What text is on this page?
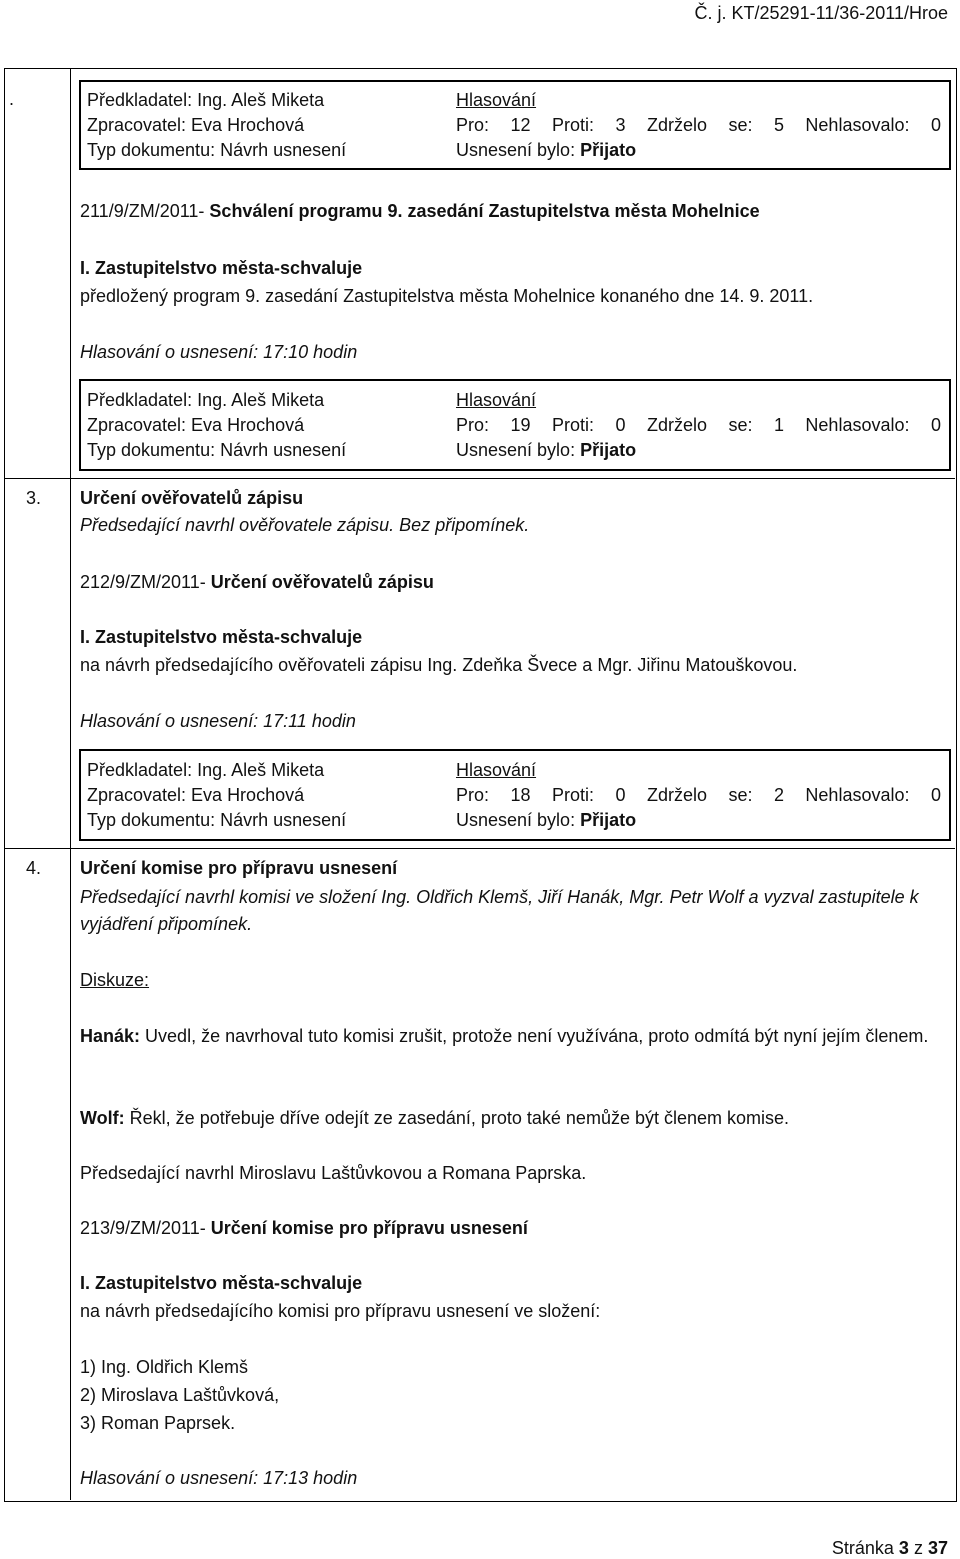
Č. j. KT/25291-11/36-2011/Hroe
.	Předkladatel: Ing. Aleš Miketa
Zpracovatel: Eva Hrochová
Typ dokumentu: Návrh usnesení
Hlasování
Pro: 12 Proti: 3 Zdrželo se: 5 Nehlasovalo: 0
Usnesení bylo: Přijato
211/9/ZM/2011- Schválení programu 9. zasedání Zastupitelstva města Mohelnice
I. Zastupitelstvo města-schvaluje
předložený program 9. zasedání Zastupitelstva města Mohelnice konaného dne 14. 9. 2011.
Hlasování o usnesení: 17:10 hodin
Předkladatel: Ing. Aleš Miketa
Zpracovatel: Eva Hrochová
Typ dokumentu: Návrh usnesení
Hlasování
Pro: 19 Proti: 0 Zdrželo se: 1 Nehlasovalo: 0
Usnesení bylo: Přijato
3. Určení ověřovatelů zápisu
Předsedající navrhl ověřovatele zápisu. Bez připomínek.
212/9/ZM/2011- Určení ověřovatelů zápisu
I. Zastupitelstvo města-schvaluje
na návrh předsedajícího ověřovateli zápisu Ing. Zdeňka Švece a Mgr. Jiřinu Matouškovou.
Hlasování o usnesení: 17:11 hodin
Předkladatel: Ing. Aleš Miketa
Zpracovatel: Eva Hrochová
Typ dokumentu: Návrh usnesení
Hlasování
Pro: 18 Proti: 0 Zdrželo se: 2 Nehlasovalo: 0
Usnesení bylo: Přijato
4. Určení komise pro přípravu usnesení
Předsedající navrhl komisi ve složení Ing. Oldřich Klemš, Jiří Hanák, Mgr. Petr Wolf a vyzval zastupitele k vyjádření připomínek.
Diskuze:
Hanák: Uvedl, že navrhoval tuto komisi zrušit, protože není využívána, proto odmítá být nyní jejím členem.
Wolf: Řekl, že potřebuje dříve odejít ze zasedání, proto také nemůže být členem komise.
Předsedající navrhl Miroslavu Laštůvkovou a Romana Paprska.
213/9/ZM/2011- Určení komise pro přípravu usnesení
I. Zastupitelstvo města-schvaluje
na návrh předsedajícího komisi pro přípravu usnesení ve složení:
1) Ing. Oldřich Klemš
2) Miroslava Laštůvková,
3) Roman Paprsek.
Hlasování o usnesení: 17:13 hodin
Stránka 3 z 37
